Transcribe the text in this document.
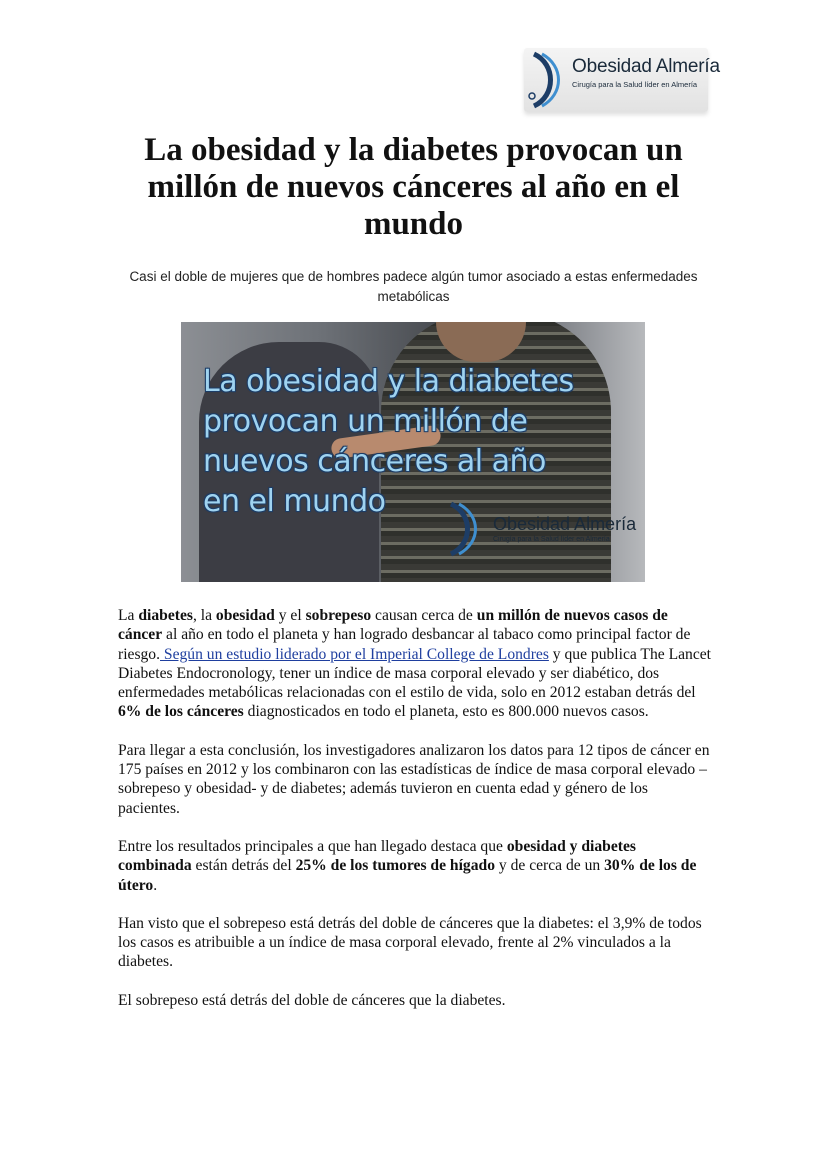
Obesidad Almería
Cirugía para la Salud líder en Almería
La obesidad y la diabetes provocan un millón de nuevos cánceres al año en el mundo

Casi el doble de mujeres que de hombres padece algún tumor asociado a estas enfermedades metabólicas

La obesidad y la diabetes
provocan un millón de
nuevos cánceres al año
en el mundo
Obesidad Almería
Cirugía para la Salud líder en Almería

La diabetes, la obesidad y el sobrepeso causan cerca de un millón de nuevos casos de cáncer al año en todo el planeta y han logrado desbancar al tabaco como principal factor de riesgo. Según un estudio liderado por el Imperial College de Londres y que publica The Lancet Diabetes Endocronology, tener un índice de masa corporal elevado y ser diabético, dos enfermedades metabólicas relacionadas con el estilo de vida, solo en 2012 estaban detrás del 6% de los cánceres diagnosticados en todo el planeta, esto es 800.000 nuevos casos.

Para llegar a esta conclusión, los investigadores analizaron los datos para 12 tipos de cáncer en 175 países en 2012 y los combinaron con las estadísticas de índice de masa corporal elevado –sobrepeso y obesidad- y de diabetes; además tuvieron en cuenta edad y género de los pacientes.

Entre los resultados principales a que han llegado destaca que obesidad y diabetes combinada están detrás del 25% de los tumores de hígado y de cerca de un 30% de los de útero.

Han visto que el sobrepeso está detrás del doble de cánceres que la diabetes: el 3,9% de todos los casos es atribuible a un índice de masa corporal elevado, frente al 2% vinculados a la diabetes.

El sobrepeso está detrás del doble de cánceres que la diabetes.
